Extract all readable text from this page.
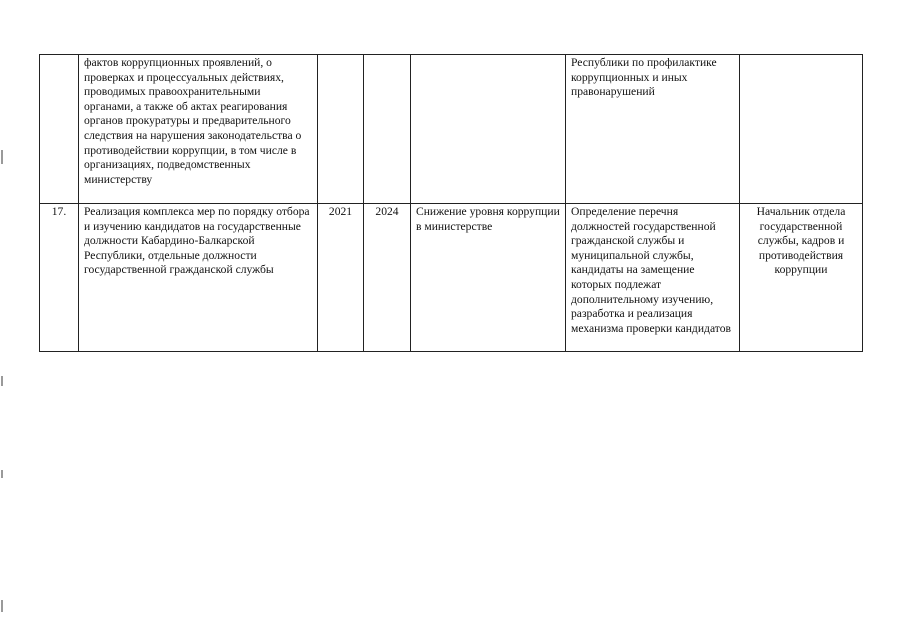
	фактов коррупционных проявлений, о проверках и процессуальных действиях, проводимых правоохранительными органами, а также об актах реагирования органов прокуратуры и предварительного следствия на нарушения законодательства о противодействии коррупции, в том числе в организациях, подведомственных министерству				Республики по профилактике коррупционных и иных правонарушений	
17.	Реализация комплекса мер по порядку отбора и изучению кандидатов на государственные должности Кабардино-Балкарской Республики, отдельные должности государственной гражданской службы	2021	2024	Снижение уровня коррупции в министерстве	Определение перечня должностей государственной гражданской службы и муниципальной службы, кандидаты на замещение которых подлежат дополнительному изучению, разработка и реализация механизма проверки кандидатов	Начальник отдела государственной службы, кадров и противодействия коррупции
